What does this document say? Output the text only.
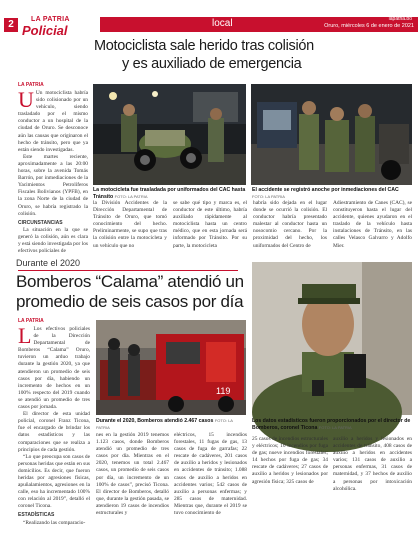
2	LA PATRIA
Policial	local	lapatria.bo
Oruro, miércoles 6 de enero de 2021
Motociclista sale herido tras colisión
y es auxiliado de emergencia
LA PATRIA
U Un motociclista habría sido colisionado por un vehículo, siendo trasladado por el mismo conductor a un hospital de la ciudad de Oruro. Se desconoce aún las causas que originaron el hecho de tránsito, pero que ya están siendo investigadas.

Este martes reciente, aproximadamente a las 20:00 horas, sobre la avenida Tomás Barrón, por inmediaciones de la Yacimientos Petrolíferos Fiscales Bolivianos (YPFB), en la zona Norte de la ciudad de Oruro, se habría registrado la colisión.

CIRCUNSTANCIAS

La situación en la que se generó la colisión, aún es clara y está siendo investigada por los efectivos policiales de

La motocicleta fue trasladada por uniformados del CAC hasta Tránsito FOTO: LA PATRIA
El accidente se registró anoche por inmediaciones del CAC FOTO: LA PATRIA
la División Accidentes de la Dirección Departamental de Tránsito de Oruro, que tomó conocimiento del hecho. Preliminarmente, se supo que tras la colisión entre la motocicleta y un vehículo que no
se sabe qué tipo y marca es, el conductor de este último, habría auxiliado rápidamente al motociclista hasta un centro médico, que en esta jornada será informado por Tránsito. Por su parte, la motocicleta
habría sido dejada en el lugar donde se ocurrió la colisión. El conductor habría presentado malestar al conductor hasta un nosocomio cercano. Por la proximidad del hecho, los uniformados del Centro de
Adiestramiento de Canes (CAC), se constituyeron hasta el lugar del accidente, quienes ayudaron en el traslado de la vehículo hasta instalaciones de Tránsito, en las calles Velasco Galvarro y Adolfo Mier.
Durante el 2020
Bomberos “Calama” atendió un
promedio de seis casos por día
LA PATRIA
L Los efectivos policiales de la Dirección Departamental de Bomberos “Calama” Oruro, tuvieron un arduo trabajo durante la gestión 2020, ya que atendieron un promedio de seis casos por día, habiendo un incremento de hechos en un 100% respecto del 2019 cuando se atendió un promedio de tres casos por jornada.

El director de esta unidad policial, coronel Franz Ticona, fue el encargado de brindar los datos estadísticos y las comparaciones que se realiza a principios de cada gestión.

“Lo que preocupa son casos de personas heridas que están en sus domicilios. Es decir, que fueron heridas por agresiones físicas, apuñalamientos, agresiones en la calle, eso ha incrementado 100% con relación al 2019”, detalló el coronel Ticona.

ESTADÍSTICAS

“Realizando las comparacio-

119
Durante el 2020, Bomberos atendió 2.467 casos FOTO: LA PATRIA
Los datos estadísticos fueron proporcionados por el director de Bomberos, coronel Ticona FOTO: LA PATRIA
nes en la gestión 2019 tenemos 1.123 casos, donde Bomberos atendió un promedio de tres casos por día. Mientras en el 2020, tenemos un total 2.467 casos, un promedio de seis casos por día, un incremento de un 100% de casos”, precisó Ticona. El director de Bomberos, detalló que, durante la gestión pasada, se atendieron 19 casos de incendios estructurales y
eléctricos, 15 incendios forestales, 11 fugas de gas, 13 casos de fuga de garrafas; 22 rescate de cadáveres, 201 casos de auxilio a heridos y lesionados en accidentes de tránsito; 1.088 casos de auxilio a heridos en accidentes varios; 542 casos de auxilio a personas enfermas; y 285 casos de maternidad. Mientras que, durante el 2019 se tuvo conocimiento de
25 casos de incendios estructurales y eléctricos; 10 incendios por fuga de gas; nueve incendios forestales; 14 hechos por fuga de gas; 34 rescate de cadáveres; 27 casos de auxilio a heridos y lesionados por agresión física; 325 casos de
auxilio a heridos y lesionados en accidentes de tránsito, 408 casos de auxilio a heridos en accidentes varios; 131 casos de auxilio a personas enfermas, 31 casos de maternidad, y 37 hechos de auxilio a personas por intoxicación alcohólica.
